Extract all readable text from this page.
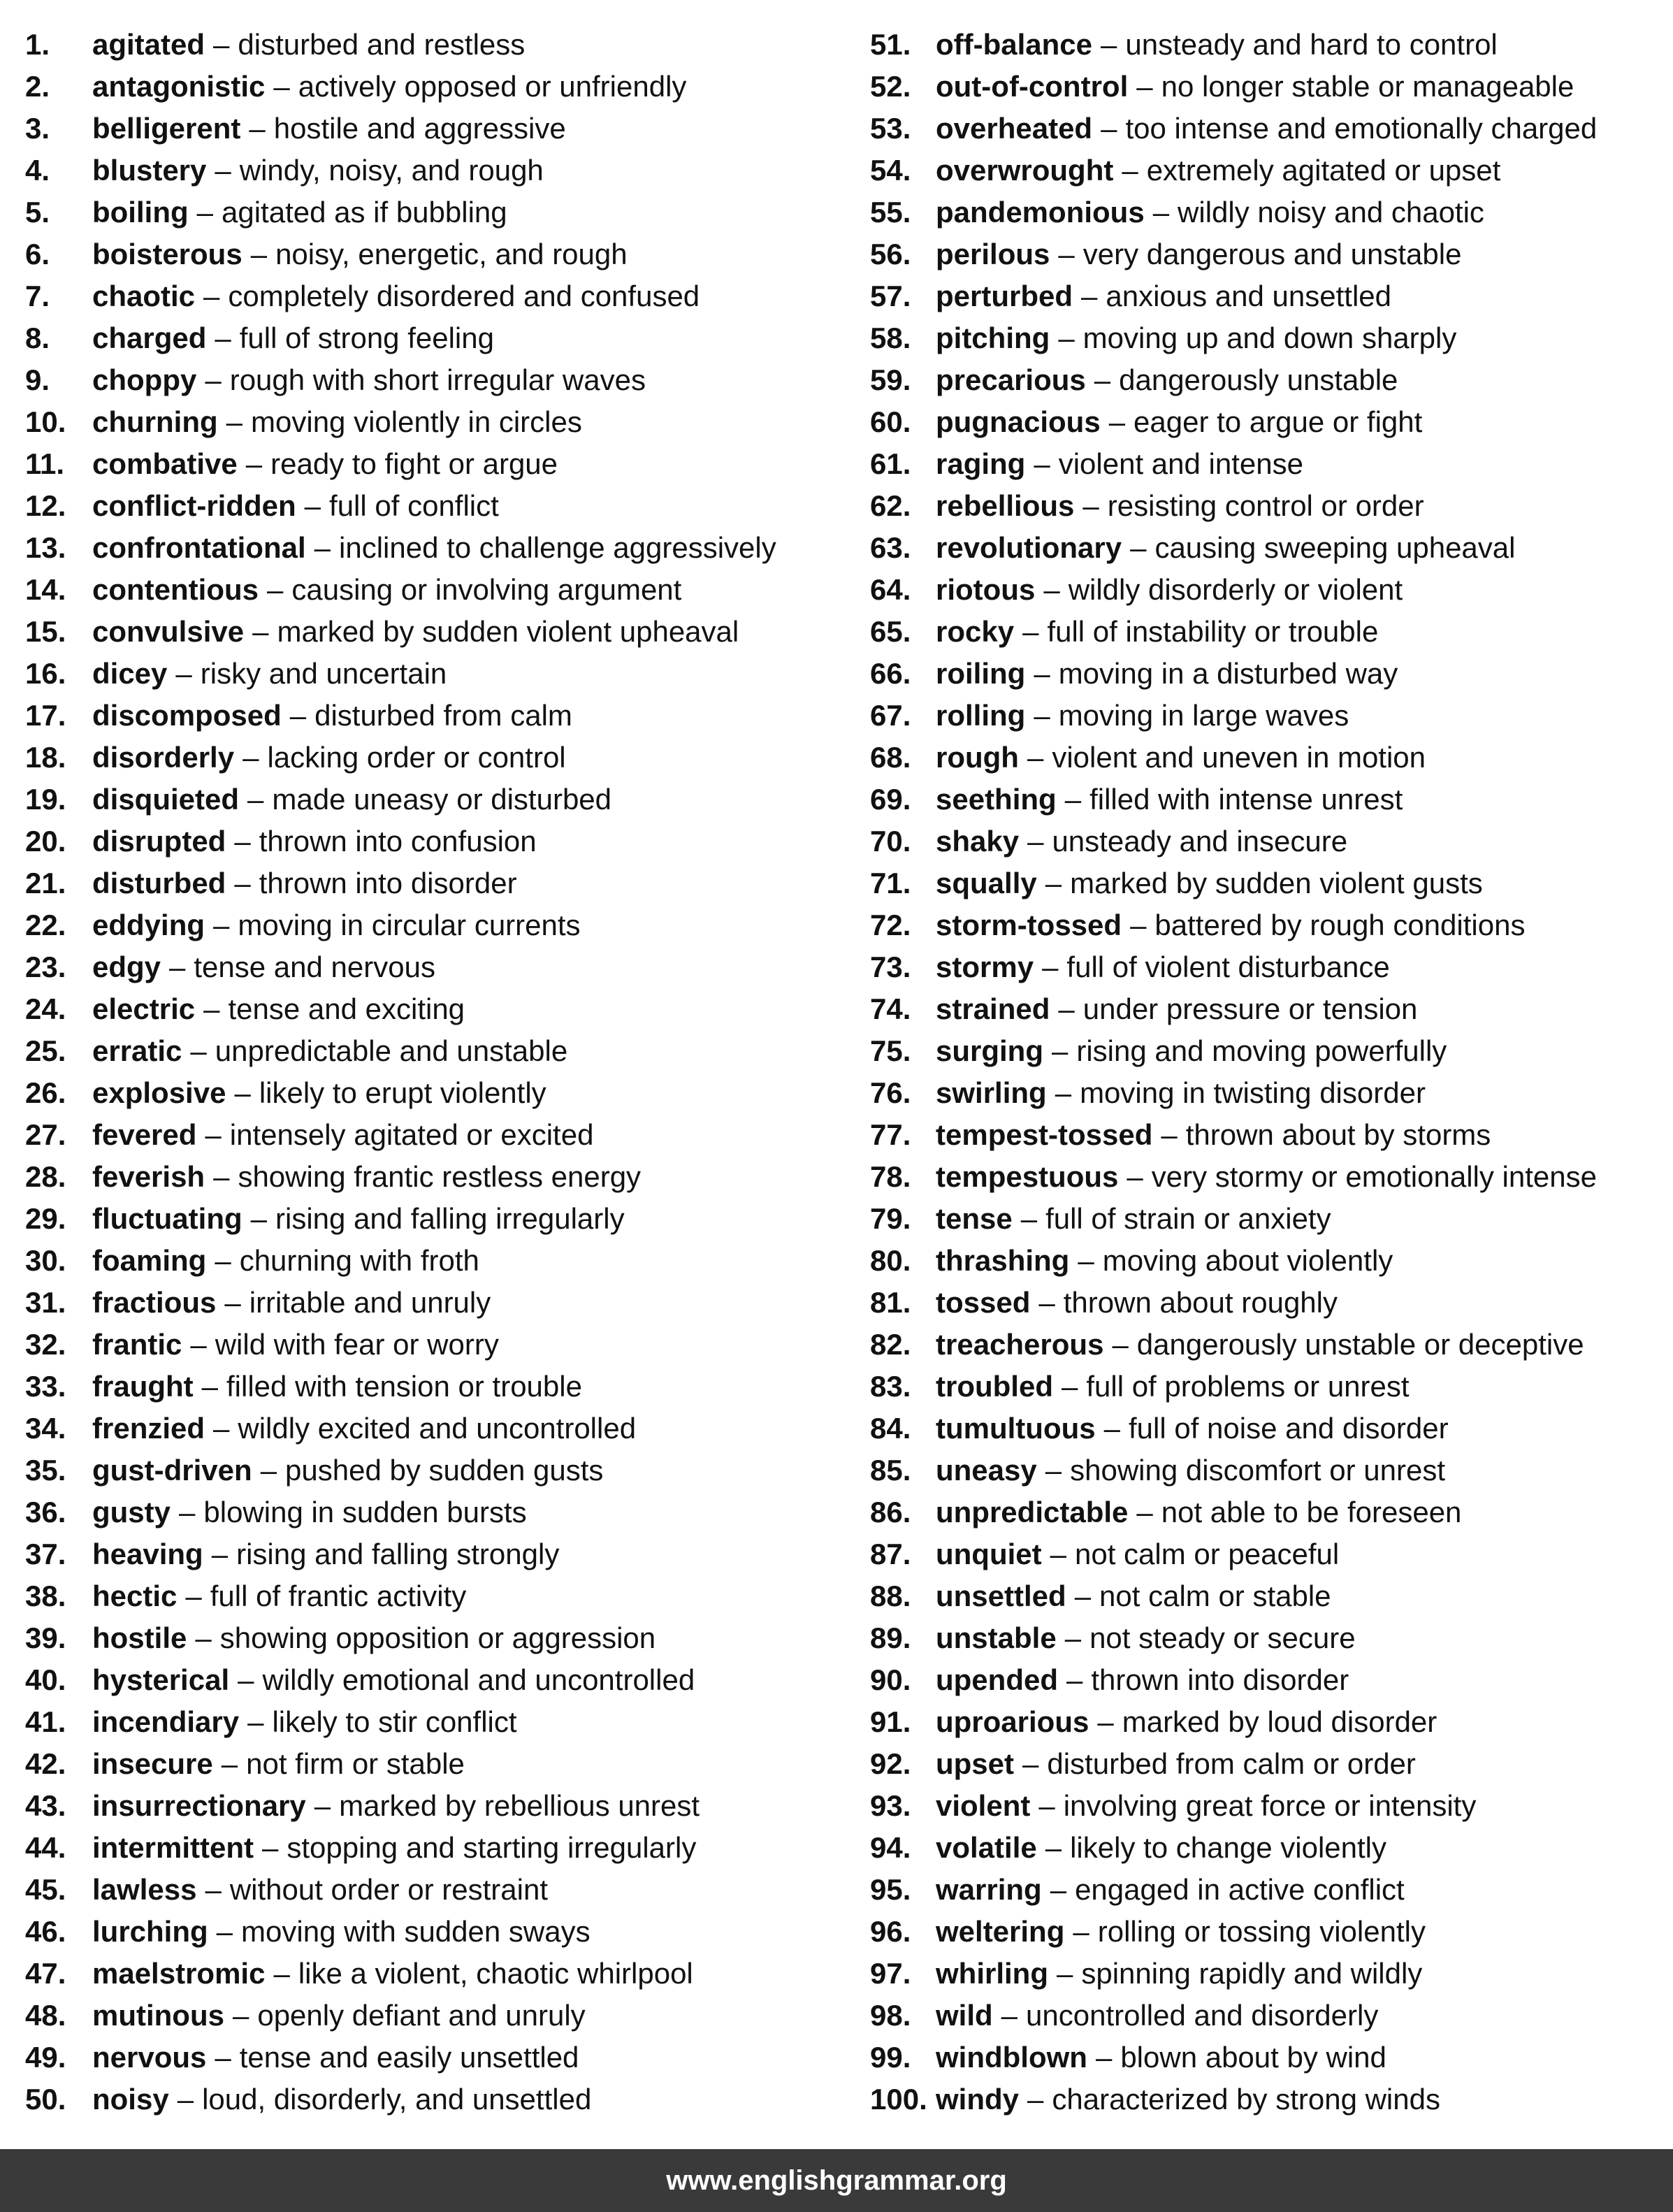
1.	agitated – disturbed and restless
2.	antagonistic – actively opposed or unfriendly
3.	belligerent – hostile and aggressive
4.	blustery – windy, noisy, and rough
5.	boiling – agitated as if bubbling
6.	boisterous – noisy, energetic, and rough
7.	chaotic – completely disordered and confused
8.	charged – full of strong feeling
9.	choppy – rough with short irregular waves
10. churning – moving violently in circles
11. combative – ready to fight or argue
12. conflict-ridden – full of conflict
13. confrontational – inclined to challenge aggressively
14. contentious – causing or involving argument
15. convulsive – marked by sudden violent upheaval
16. dicey – risky and uncertain
17. discomposed – disturbed from calm
18. disorderly – lacking order or control
19. disquieted – made uneasy or disturbed
20. disrupted – thrown into confusion
21. disturbed – thrown into disorder
22. eddying – moving in circular currents
23. edgy – tense and nervous
24. electric – tense and exciting
25. erratic – unpredictable and unstable
26. explosive – likely to erupt violently
27. fevered – intensely agitated or excited
28. feverish – showing frantic restless energy
29. fluctuating – rising and falling irregularly
30. foaming – churning with froth
31. fractious – irritable and unruly
32. frantic – wild with fear or worry
33. fraught – filled with tension or trouble
34. frenzied – wildly excited and uncontrolled
35. gust-driven – pushed by sudden gusts
36. gusty – blowing in sudden bursts
37. heaving – rising and falling strongly
38. hectic – full of frantic activity
39. hostile – showing opposition or aggression
40. hysterical – wildly emotional and uncontrolled
41. incendiary – likely to stir conflict
42. insecure – not firm or stable
43. insurrectionary – marked by rebellious unrest
44. intermittent – stopping and starting irregularly
45. lawless – without order or restraint
46. lurching – moving with sudden sways
47. maelstromic – like a violent, chaotic whirlpool
48. mutinous – openly defiant and unruly
49. nervous – tense and easily unsettled
50. noisy – loud, disorderly, and unsettled
51. off-balance – unsteady and hard to control
52. out-of-control – no longer stable or manageable
53. overheated – too intense and emotionally charged
54. overwrought – extremely agitated or upset
55. pandemonious – wildly noisy and chaotic
56. perilous – very dangerous and unstable
57. perturbed – anxious and unsettled
58. pitching – moving up and down sharply
59. precarious – dangerously unstable
60. pugnacious – eager to argue or fight
61. raging – violent and intense
62. rebellious – resisting control or order
63. revolutionary – causing sweeping upheaval
64. riotous – wildly disorderly or violent
65. rocky – full of instability or trouble
66. roiling – moving in a disturbed way
67. rolling – moving in large waves
68. rough – violent and uneven in motion
69. seething – filled with intense unrest
70. shaky – unsteady and insecure
71. squally – marked by sudden violent gusts
72. storm-tossed – battered by rough conditions
73. stormy – full of violent disturbance
74. strained – under pressure or tension
75. surging – rising and moving powerfully
76. swirling – moving in twisting disorder
77. tempest-tossed – thrown about by storms
78. tempestuous – very stormy or emotionally intense
79. tense – full of strain or anxiety
80. thrashing – moving about violently
81. tossed – thrown about roughly
82. treacherous – dangerously unstable or deceptive
83. troubled – full of problems or unrest
84. tumultuous – full of noise and disorder
85. uneasy – showing discomfort or unrest
86. unpredictable – not able to be foreseen
87. unquiet – not calm or peaceful
88. unsettled – not calm or stable
89. unstable – not steady or secure
90. upended – thrown into disorder
91. uproarious – marked by loud disorder
92. upset – disturbed from calm or order
93. violent – involving great force or intensity
94. volatile – likely to change violently
95. warring – engaged in active conflict
96. weltering – rolling or tossing violently
97. whirling – spinning rapidly and wildly
98. wild – uncontrolled and disorderly
99. windblown – blown about by wind
100. windy – characterized by strong winds
www.englishgrammar.org
